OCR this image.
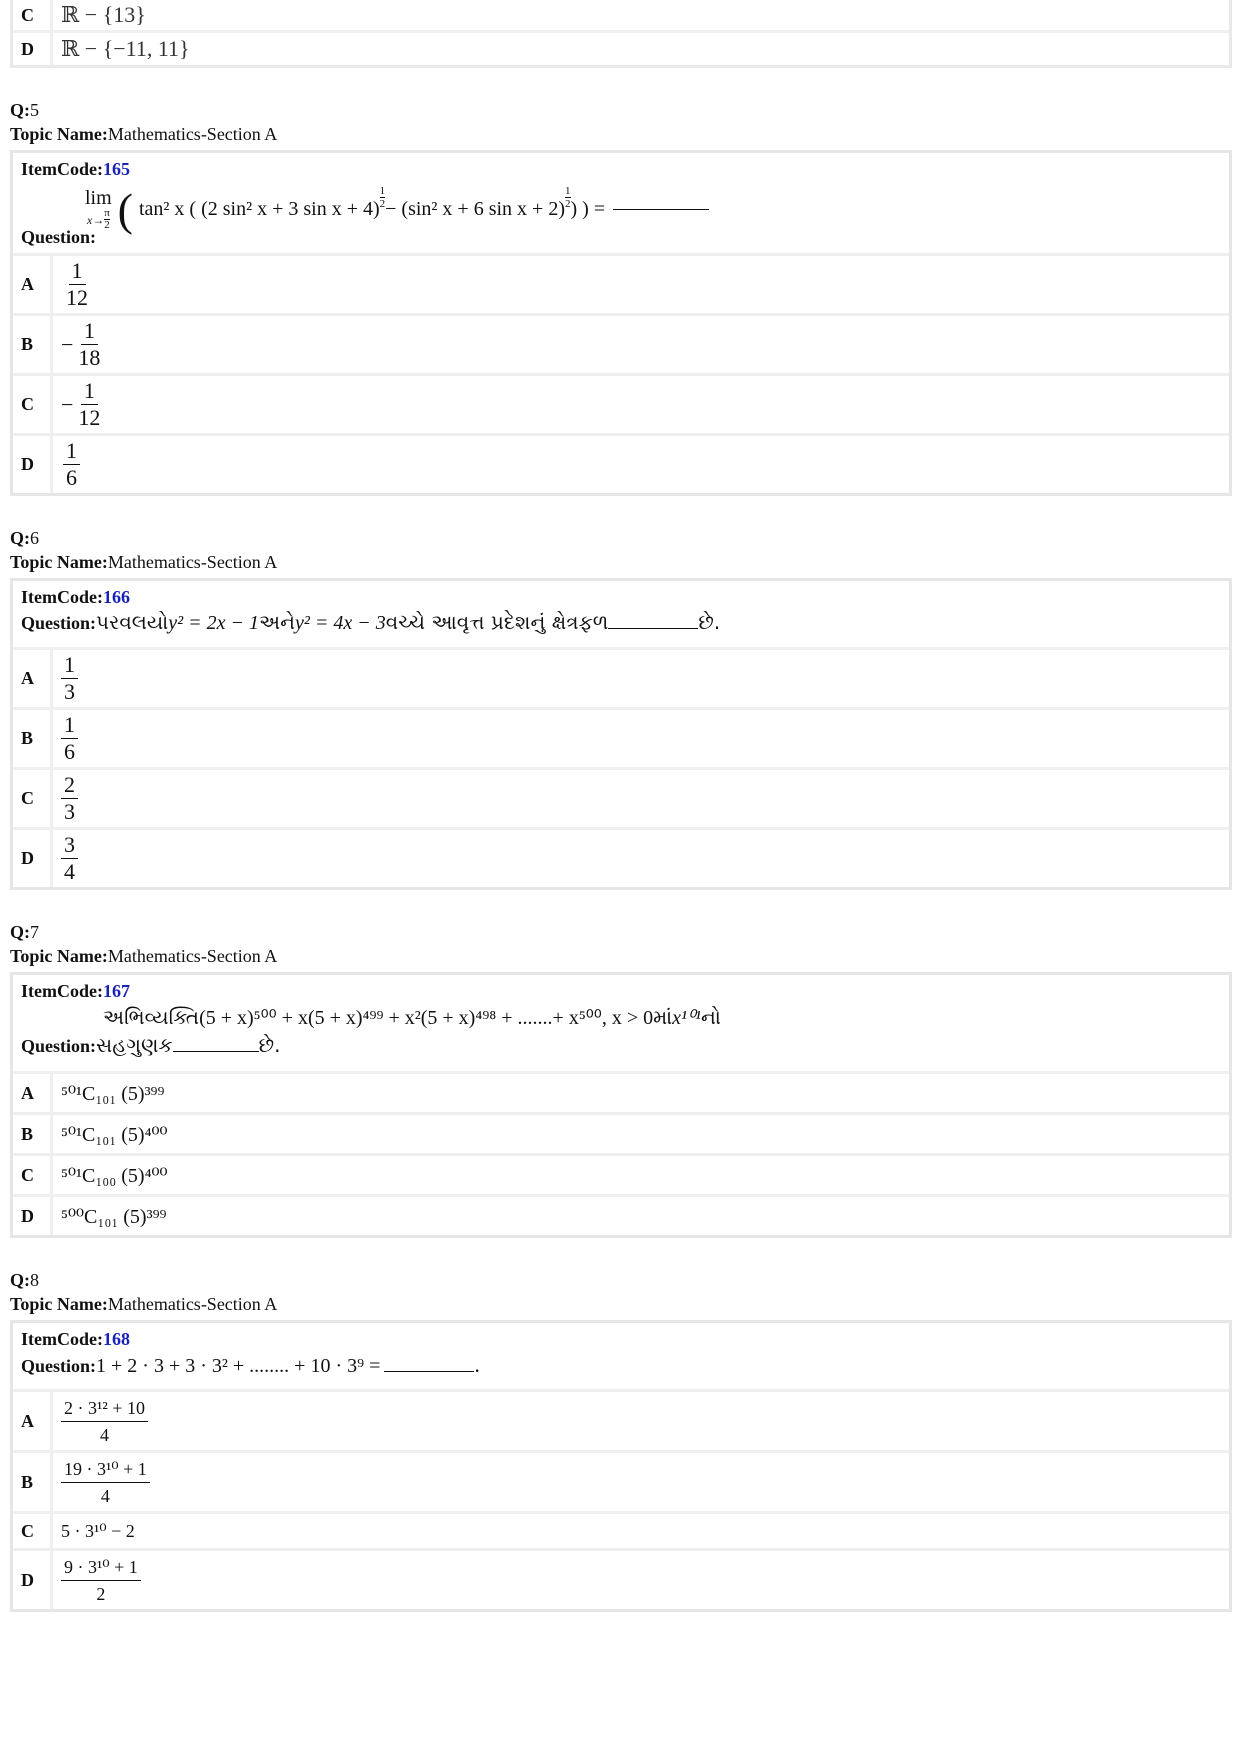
C	ℝ − {13}
D	ℝ − {−11, 11}
Q:5
Topic Name:Mathematics-Section A
ItemCode:165
lim
x→ π
2 ( tan² x ( (2 sin² x + 3 sin x + 4)
1
2 − (sin² x + 6 sin x + 2)
1
2 ) ) =
Question:
A	$\frac{1}{12}$
B	− $\frac{1}{18}$
C	− $\frac{1}{12}$
D	$\frac{1}{6}$
Q:6
Topic Name:Mathematics-Section A
ItemCode:166
Question: પરવલયો y² = 2x − 1 અને y² = 4x − 3 વચ્ચે આવૃત્ત પ્રદેશનું ક્ષેત્રફળ	છે.
A	$\frac{1}{3}$
B	$\frac{1}{6}$
C	$\frac{2}{3}$
D	$\frac{3}{4}$
Q:7
Topic Name:Mathematics-Section A
ItemCode:167
અભિવ્યક્તિ (5 + x)⁵⁰⁰ + x(5 + x)⁴⁹⁹ + x²(5 + x)⁴⁹⁸ + .......+ x⁵⁰⁰, x > 0 માં x¹⁰¹ નો
Question: સહગુણક	છે.
A	⁵⁰¹C₁₀₁ (5)³⁹⁹
B	⁵⁰¹C₁₀₁ (5)⁴⁰⁰
C	⁵⁰¹C₁₀₀ (5)⁴⁰⁰
D	⁵⁰⁰C₁₀₁ (5)³⁹⁹
Q:8
Topic Name:Mathematics-Section A
ItemCode:168
Question: 1 + 2 · 3 + 3 · 3² + ........ + 10 · 3⁹ =	.
A	$\frac{\text{2 · 3¹² + 10}}{4}$
B	$\frac{\text{19 · 3¹⁰ + 1}}{4}$
C	5 · 3¹⁰ − 2
D	$\frac{\text{9 · 3¹⁰ + 1}}{2}$
